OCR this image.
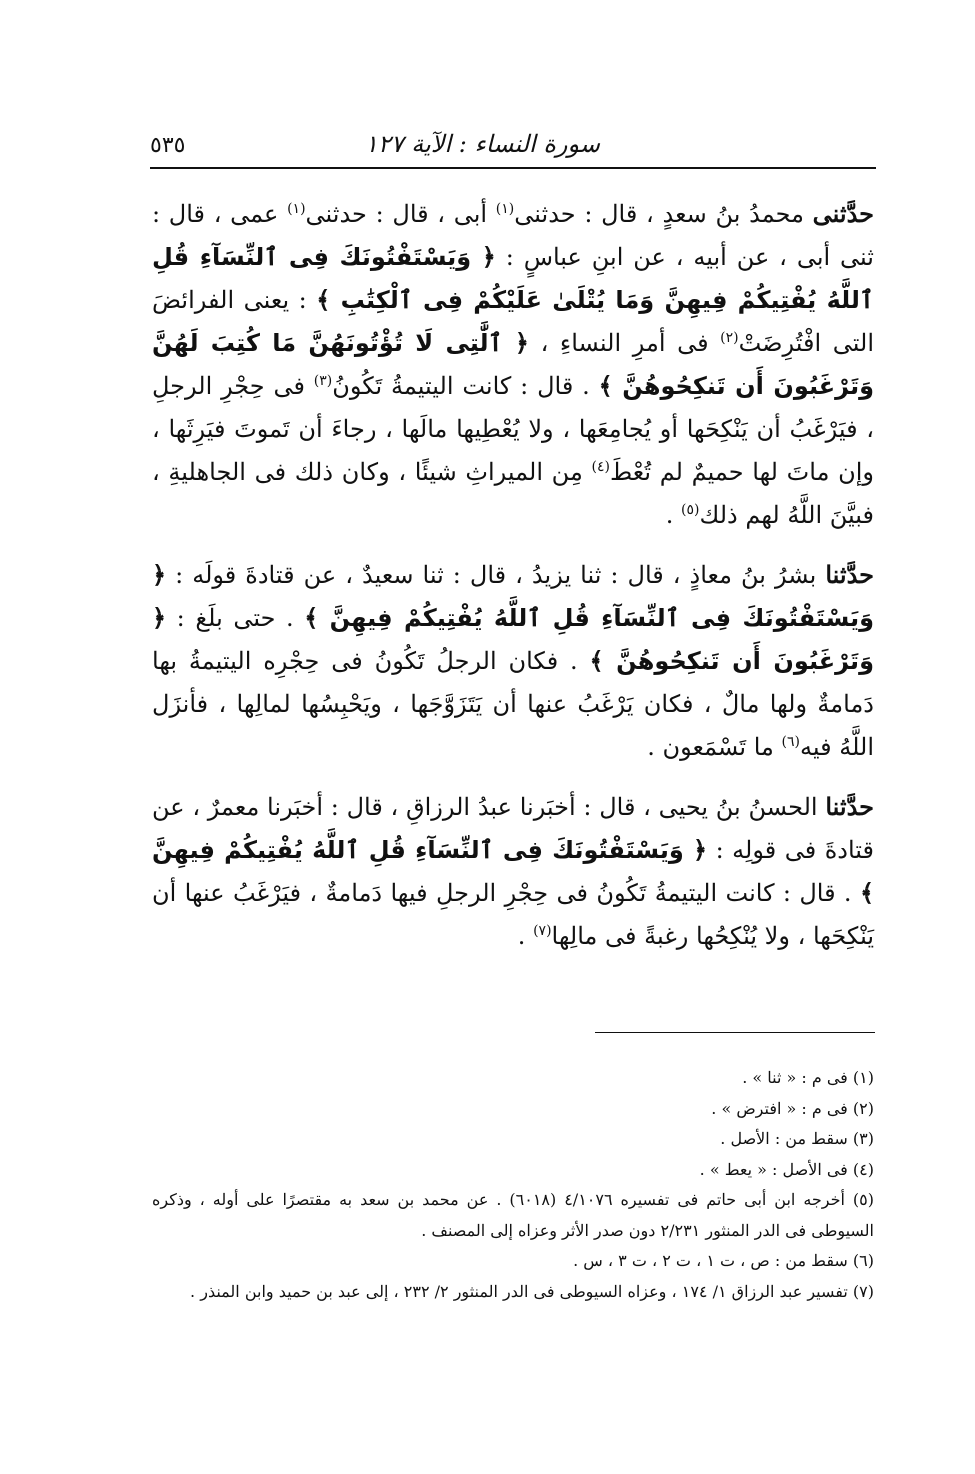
٥٣٥	سورة النساء : الآية ١٢٧

حدَّثنى محمدُ بنُ سعدٍ ، قال : حدثنى$^{(١)}$ أبى ، قال : حدثنى$^{(١)}$ عمى ، قال : ثنى أبى ، عن أبيه ، عن ابنِ عباسٍ : ﴿ وَيَسْتَفْتُونَكَ فِى ٱلنِّسَآءِ قُلِ ٱللَّهُ يُفْتِيكُمْ فِيهِنَّ وَمَا يُتْلَىٰ عَلَيْكُمْ فِى ٱلْكِتَٰبِ ﴾ : يعنى الفرائضَ التى افْتُرِضَتْ$^{(٢)}$ فى أمرِ النساءِ ، ﴿ ٱلَّٰتِى لَا تُؤْتُونَهُنَّ مَا كُتِبَ لَهُنَّ وَتَرْغَبُونَ أَن تَنكِحُوهُنَّ ﴾ . قال : كانت اليتيمةُ تَكُونُ$^{(٣)}$ فى حِجْرِ الرجلِ ، فيَرْغَبُ أن يَنْكِحَها أو يُجامِعَها ، ولا يُعْطِيها مالَها ، رجاءَ أن تَموتَ فيَرِثَها ، وإن ماتَ لها حميمٌ لم تُعْطَ$^{(٤)}$ مِن الميراثِ شيئًا ، وكان ذلك فى الجاهليةِ ، فبيَّنَ اللَّهُ لهم ذلك$^{(٥)}$ .

حدَّثنا بشرُ بنُ معاذٍ ، قال : ثنا يزيدُ ، قال : ثنا سعيدٌ ، عن قتادةَ قولَه : ﴿ وَيَسْتَفْتُونَكَ فِى ٱلنِّسَآءِ قُلِ ٱللَّهُ يُفْتِيكُمْ فِيهِنَّ ﴾ . حتى بلَغ : ﴿ وَتَرْغَبُونَ أَن تَنكِحُوهُنَّ ﴾ . فكان الرجلُ تَكُونُ فى حِجْرِه اليتيمةُ بها دَمامةٌ ولها مالٌ ، فكان يَرْغَبُ عنها أن يَتَزَوَّجَها ، ويَحْبِسُها لمالِها ، فأنزَل اللَّهُ فيه$^{(٦)}$ ما تَسْمَعون .

حدَّثنا الحسنُ بنُ يحيى ، قال : أخبَرنا عبدُ الرزاقِ ، قال : أخبَرنا معمرٌ ، عن قتادةَ فى قولِه : ﴿ وَيَسْتَفْتُونَكَ فِى ٱلنِّسَآءِ قُلِ ٱللَّهُ يُفْتِيكُمْ فِيهِنَّ ﴾ . قال : كانت اليتيمةُ تَكُونُ فى حِجْرِ الرجلِ فيها دَمامةٌ ، فيَرْغَبُ عنها أن يَنْكِحَها ، ولا يُنْكِحُها رغبةً فى مالِها$^{(٧)}$ .

(١) فى م : « ثنا » .

(٢) فى م : « افترض » .

(٣) سقط من : الأصل .

(٤) فى الأصل : « يعط » .

(٥) أخرجه ابن أبى حاتم فى تفسيره ٤/١٠٧٦ (٦٠١٨) . عن محمد بن سعد به مقتصرًا على أوله ، وذكره السيوطى فى الدر المنثور ٢/٢٣١ دون صدر الأثر وعزاه إلى المصنف .

(٦) سقط من : ص ، ت ١ ، ت ٢ ، ت ٣ ، س .

(٧) تفسير عبد الرزاق ١/ ١٧٤ ، وعزاه السيوطى فى الدر المنثور ٢/ ٢٣٢ ، إلى عبد بن حميد وابن المنذر .
